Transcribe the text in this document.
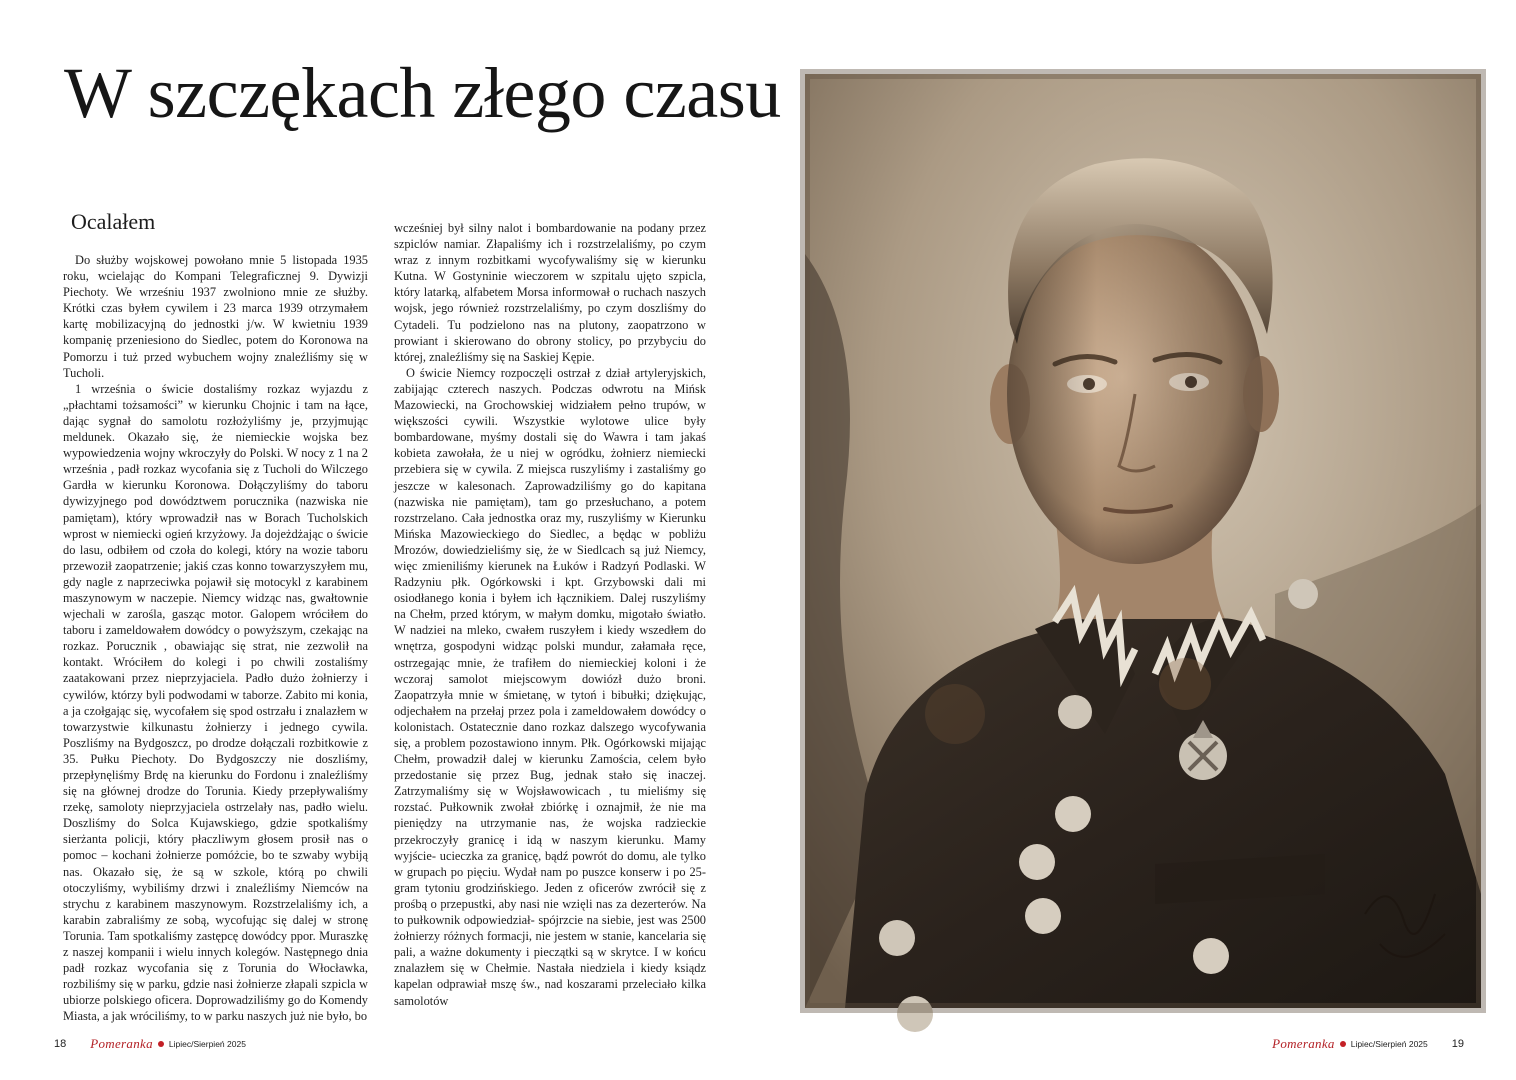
W szczękach złego czasu
Ocalałem

Do służby wojskowej powołano mnie 5 listopada 1935 roku, wcielając do Kompani Telegraficznej 9. Dywizji Piechoty. We wrześniu 1937 zwolniono mnie ze służby. Krótki czas byłem cywilem i 23 marca 1939 otrzymałem kartę mobilizacyjną do jednostki j/w. W kwietniu 1939 kompanię przeniesiono do Siedlec, potem do Koronowa na Pomorzu i tuż przed wybuchem wojny znaleźliśmy się w Tucholi.

1 września o świcie dostaliśmy rozkaz wyjazdu z „płachtami tożsamości” w kierunku Chojnic i tam na łące, dając sygnał do samolotu rozłożyliśmy je, przyjmując meldunek. Okazało się, że niemieckie wojska bez wypowiedzenia wojny wkroczyły do Polski. W nocy z 1 na 2 września , padł rozkaz wycofania się z Tucholi do Wilczego Gardła w kierunku Koronowa. Dołączyliśmy do taboru dywizyjnego pod dowództwem porucznika (nazwiska nie pamiętam), który wprowadził nas w Borach Tucholskich wprost w niemiecki ogień krzyżowy. Ja dojeżdżając o świcie do lasu, odbiłem od czoła do kolegi, który na wozie taboru przewoził zaopatrzenie; jakiś czas konno towarzyszyłem mu, gdy nagle z naprzeciwka pojawił się motocykl z karabinem maszynowym w naczepie. Niemcy widząc nas, gwałtownie wjechali w zarośla, gasząc motor. Galopem wróciłem do taboru i zameldowałem dowódcy o powyższym, czekając na rozkaz. Porucznik , obawiając się strat, nie zezwolił na kontakt. Wróciłem do kolegi i po chwili zostaliśmy zaatakowani przez nieprzyjaciela. Padło dużo żołnierzy i cywilów, którzy byli podwodami w taborze. Zabito mi konia, a ja czołgając się, wycofałem się spod ostrzału i znalazłem w towarzystwie kilkunastu żołnierzy i jednego cywila. Poszliśmy na Bydgoszcz, po drodze dołączali rozbitkowie z 35. Pułku Piechoty. Do Bydgoszczy nie doszliśmy, przepłynęliśmy Brdę na kierunku do Fordonu i znaleźliśmy się na głównej drodze do Torunia. Kiedy przepływaliśmy rzekę, samoloty nieprzyjaciela ostrzelały nas, padło wielu. Doszliśmy do Solca Kujawskiego, gdzie spotkaliśmy sierżanta policji, który płaczliwym głosem prosił nas o pomoc – kochani żołnierze pomóżcie, bo te szwaby wybiją nas. Okazało się, że są w szkole, którą po chwili otoczyliśmy, wybiliśmy drzwi i znaleźliśmy Niemców na strychu z karabinem maszynowym. Rozstrzelaliśmy ich, a karabin zabraliśmy ze sobą, wycofując się dalej w stronę Torunia. Tam spotkaliśmy zastępcę dowódcy ppor. Muraszkę z naszej kompanii i wielu innych kolegów. Następnego dnia padł rozkaz wycofania się z Torunia do Włocławka, rozbiliśmy się w parku, gdzie nasi żołnierze złapali szpicla w ubiorze polskiego oficera. Doprowadziliśmy go do Komendy Miasta, a jak wróciliśmy, to w parku naszych już nie było, bo

wcześniej był silny nalot i bombardowanie na podany przez szpiclów namiar. Złapaliśmy ich i rozstrzelaliśmy, po czym wraz z innym rozbitkami wycofywaliśmy się w kierunku Kutna. W Gostyninie wieczorem w szpitalu ujęto szpicla, który latarką, alfabetem Morsa informował o ruchach naszych wojsk, jego również rozstrzelaliśmy, po czym doszliśmy do Cytadeli. Tu podzielono nas na plutony, zaopatrzono w prowiant i skierowano do obrony stolicy, po przybyciu do której, znaleźliśmy się na Saskiej Kępie.

O świcie Niemcy rozpoczęli ostrzał z dział artyleryjskich, zabijając czterech naszych. Podczas odwrotu na Mińsk Mazowiecki, na Grochowskiej widziałem pełno trupów, w większości cywili. Wszystkie wylotowe ulice były bombardowane, myśmy dostali się do Wawra i tam jakaś kobieta zawołała, że u niej w ogródku, żołnierz niemiecki przebiera się w cywila. Z miejsca ruszyliśmy i zastaliśmy go jeszcze w kalesonach. Zaprowadziliśmy go do kapitana (nazwiska nie pamiętam), tam go przesłuchano, a potem rozstrzelano. Cała jednostka oraz my, ruszyliśmy w Kierunku Mińska Mazowieckiego do Siedlec, a będąc w pobliżu Mrozów, dowiedzieliśmy się, że w Siedlcach są już Niemcy, więc zmieniliśmy kierunek na Łuków i Radzyń Podlaski. W Radzyniu płk. Ogórkowski i kpt. Grzybowski dali mi osiodłanego konia i byłem ich łącznikiem. Dalej ruszyliśmy na Chełm, przed którym, w małym domku, migotało światło. W nadziei na mleko, cwałem ruszyłem i kiedy wszedłem do wnętrza, gospodyni widząc polski mundur, załamała ręce, ostrzegając mnie, że trafiłem do niemieckiej koloni i że wczoraj samolot miejscowym dowiózł dużo broni. Zaopatrzyła mnie w śmietanę, w tytoń i bibułki; dziękując, odjechałem na przełaj przez pola i zameldowałem dowódcy o kolonistach. Ostatecznie dano rozkaz dalszego wycofywania się, a problem pozostawiono innym. Płk. Ogórkowski mijając Chełm, prowadził dalej w kierunku Zamościa, celem było przedostanie się przez Bug, jednak stało się inaczej. Zatrzymaliśmy się w Wojsławowicach , tu mieliśmy się rozstać. Pułkownik zwołał zbiórkę i oznajmił, że nie ma pieniędzy na utrzymanie nas, że wojska radzieckie przekroczyły granicę i idą w naszym kierunku. Mamy wyjście- ucieczka za granicę, bądź powrót do domu, ale tylko w grupach po pięciu. Wydał nam po puszce konserw i po 25- gram tytoniu grodzińskiego. Jeden z oficerów zwrócił się z prośbą o przepustki, aby nasi nie wzięli nas za dezerterów. Na to pułkownik odpowiedział- spójrzcie na siebie, jest was 2500 żołnierzy różnych formacji, nie jestem w stanie, kancelaria się pali, a ważne dokumenty i pieczątki są w skrytce. I w końcu znalazłem się w Chełmie. Nastała niedziela i kiedy ksiądz kapelan odprawiał mszę św., nad koszarami przeleciało kilka samolotów

18 Pomeranka Lipiec/Sierpień 2025	Pomeranka Lipiec/Sierpień 2025 19
